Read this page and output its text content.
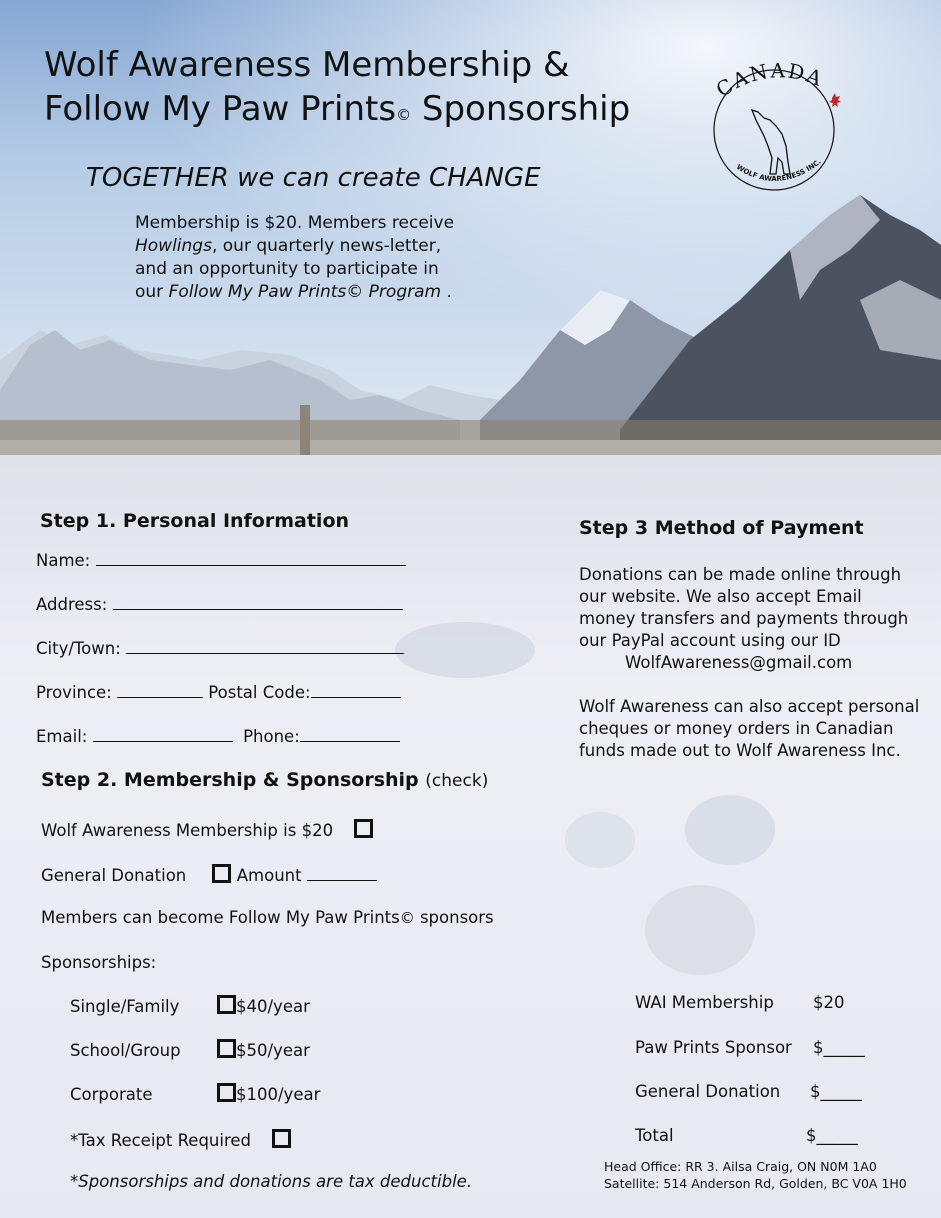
Wolf Awareness Membership &
Follow My Paw Prints© Sponsorship
TOGETHER we can create CHANGE
CANADA
WOLF AWARENESS INC.
Membership is $20. Members receive
Howlings, our quarterly news-letter,
and an opportunity to participate in
our Follow My Paw Prints© Program .
Step 1. Personal Information
Name:
Address:
City/Town:
Province:	Postal Code:
Email:	Phone:
Step 2. Membership & Sponsorship (check)
Wolf Awareness Membership is $20
General Donation	Amount
Members can become Follow My Paw Prints© sponsors
Sponsorships:
Single/Family	$40/year
School/Group	$50/year
Corporate	$100/year
*Tax Receipt Required
*Sponsorships and donations are tax deductible.
Step 3 Method of Payment
Donations can be made online through
our website. We also accept Email
money transfers and payments through
our PayPal account using our ID
WolfAwareness@gmail.com
Wolf Awareness can also accept personal
cheques or money orders in Canadian
funds made out to Wolf Awareness Inc.
WAI Membership $20
Paw Prints Sponsor $_____
General Donation $_____
Total	$_____
Head Office: RR 3. Ailsa Craig, ON N0M 1A0
Satellite: 514 Anderson Rd, Golden, BC V0A 1H0
